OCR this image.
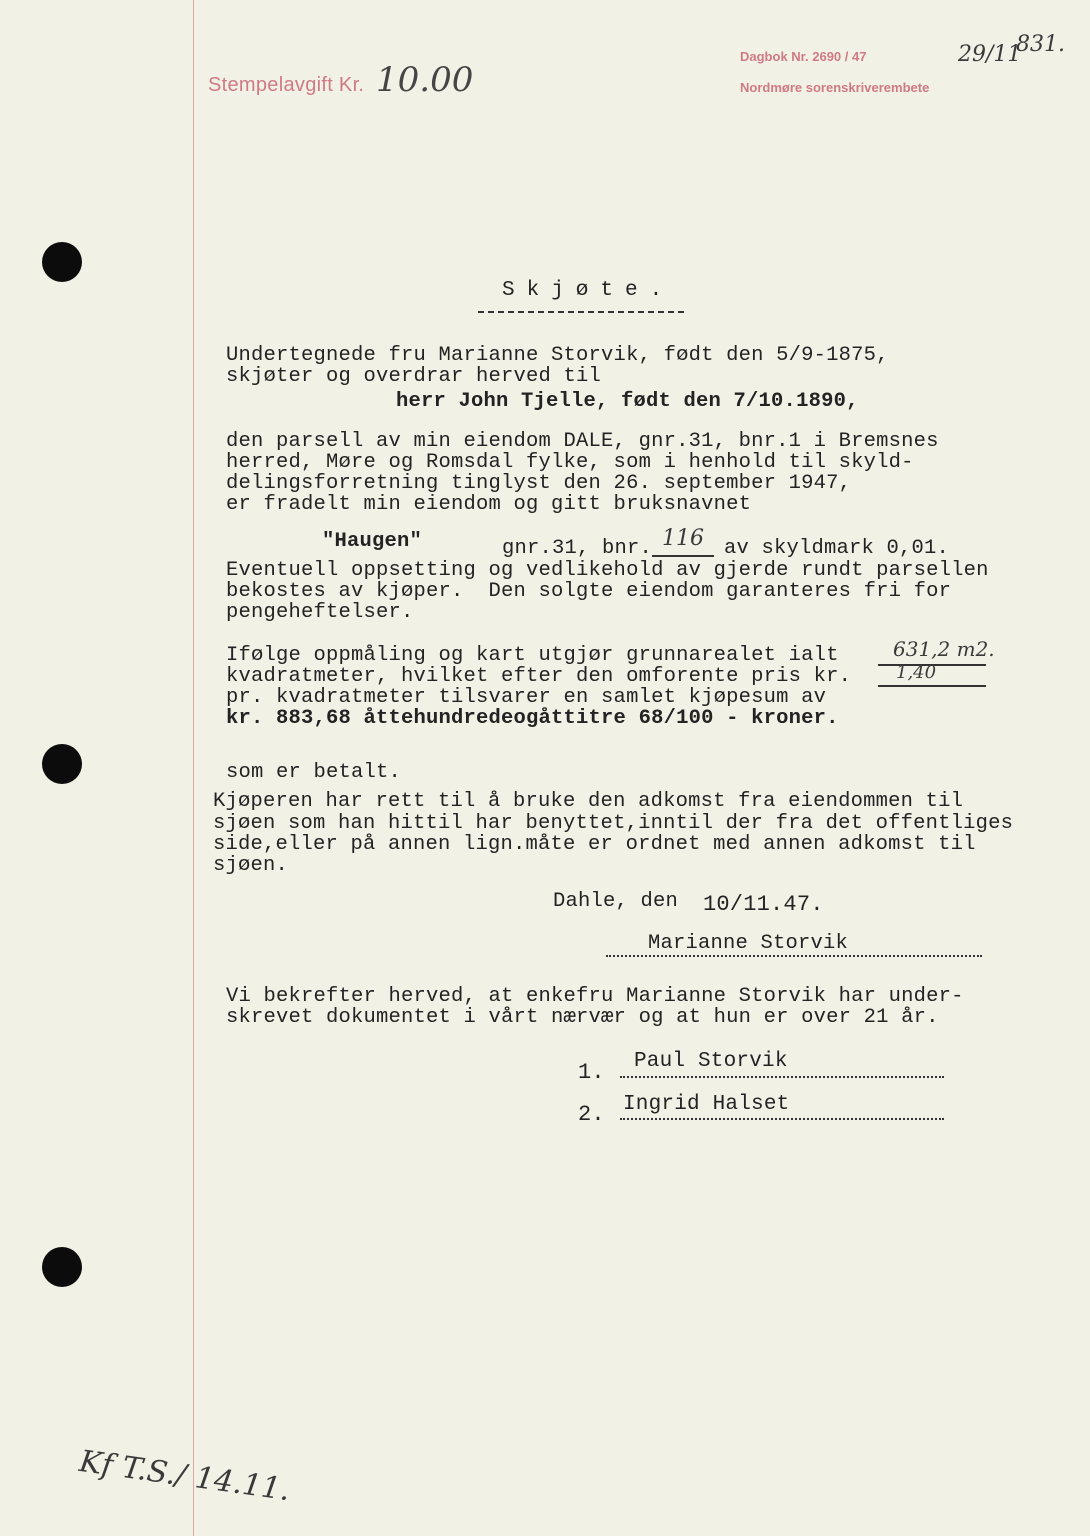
Stempelavgift Kr. 10.00
Dagbok Nr. 2690 / 47	29/11
831.
Nordmøre sorenskriverembete
Skjøte.
Undertegnede fru Marianne Storvik, født den 5/9-1875,
skjøter og overdrar herved til
herr John Tjelle, født den 7/10.1890,
den parsell av min eiendom DALE, gnr.31, bnr.1 i Bremsnes
herred, Møre og Romsdal fylke, som i henhold til skyld-
delingsforretning tinglyst den 26. september 1947,
er fradelt min eiendom og gitt bruksnavnet
"Haugen"	gnr.31, bnr. 116 av skyldmark 0,01.
Eventuell oppsetting og vedlikehold av gjerde rundt parsellen
bekostes av kjøper.  Den solgte eiendom garanteres fri for
pengeheftelser.
Ifølge oppmåling og kart utgjør grunnarealet ialt	631,2 m2.
kvadratmeter, hvilket efter den omforente pris kr. 1,40
pr. kvadratmeter tilsvarer en samlet kjøpesum av
kr. 883,68 åttehundredeogåttitre 68/100 - kroner.
som er betalt.
Kjøperen har rett til å bruke den adkomst fra eiendommen til
sjøen som han hittil har benyttet,inntil der fra det offentliges
side,eller på annen lign.måte er ordnet med annen adkomst til
sjøen.
Dahle, den 10/11.47.
Marianne Storvik
Vi bekrefter herved, at enkefru Marianne Storvik har under-
skrevet dokumentet i vårt nærvær og at hun er over 21 år.
1. Paul Storvik
2. Ingrid Halset
Kf T.S./ 14.11.
